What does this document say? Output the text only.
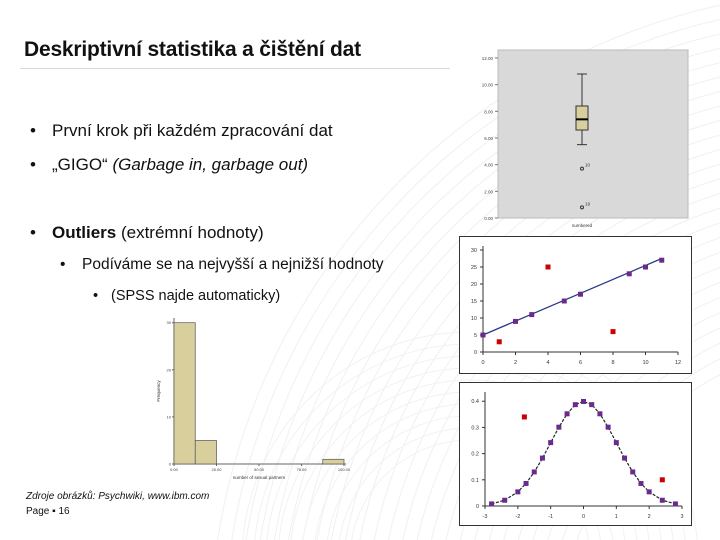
Deskriptivní statistika a čištění dat
• První krok při každém zpracování dat
• „GIGO“ (Garbage in, garbage out)
• Outliers (extrémní hodnoty)
• Podíváme se na nejvyšší a nejnižší hodnoty
• (SPSS najde automaticky)
0.00
2.00
4.00
6.00
8.00
10.00
12.00
10
19
numbered
0	2	4	6	8	10	12
0
5
10
15
20
25
30
0
10
20
30
0.00	25.00	50.00	75.00	100.00
number of sexual partners
Frequency
-3	-2	-1	0	1	2	3
0
0.1
0.2
0.3
0.4
Zdroje obrázků: Psychwiki, www.ibm.com
Page ▪ 16
